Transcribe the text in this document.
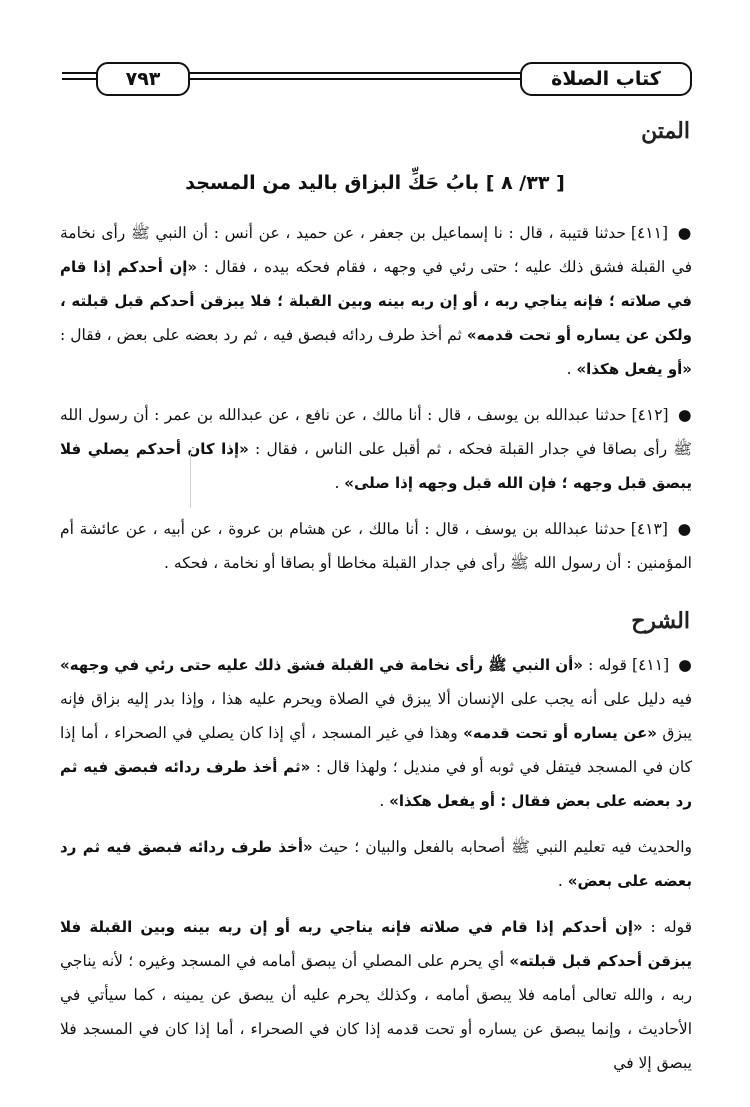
كتاب الصلاة
٧٩٣
المتن
[ ٣٣/ ٨ ] بابُ حَكِّ البزاق باليد من المسجد

● [٤١١] حدثنا قتيبة ، قال : نا إسماعيل بن جعفر ، عن حميد ، عن أنس : أن النبي ﷺ رأى نخامة في القبلة فشق ذلك عليه ؛ حتى رئي في وجهه ، فقام فحكه بيده ، فقال : «إن أحدكم إذا قام في صلاته ؛ فإنه يناجي ربه ، أو إن ربه بينه وبين القبلة ؛ فلا يبزقن أحدكم قبل قبلته ، ولكن عن يساره أو تحت قدمه» ثم أخذ طرف ردائه فبصق فيه ، ثم رد بعضه على بعض ، فقال : «أو يفعل هكذا» .

● [٤١٢] حدثنا عبدالله بن يوسف ، قال : أنا مالك ، عن نافع ، عن عبدالله بن عمر : أن رسول الله ﷺ رأى بصاقا في جدار القبلة فحكه ، ثم أقبل على الناس ، فقال : «إذا كان أحدكم يصلي فلا يبصق قبل وجهه ؛ فإن الله قبل وجهه إذا صلى» .

● [٤١٣] حدثنا عبدالله بن يوسف ، قال : أنا مالك ، عن هشام بن عروة ، عن أبيه ، عن عائشة أم المؤمنين : أن رسول الله ﷺ رأى في جدار القبلة مخاطا أو بصاقا أو نخامة ، فحكه .

الشرح

● [٤١١] قوله : «أن النبي ﷺ رأى نخامة في القبلة فشق ذلك عليه حتى رئي في وجهه» فيه دليل على أنه يجب على الإنسان ألا يبزق في الصلاة ويحرم عليه هذا ، وإذا بدر إليه بزاق فإنه يبزق «عن يساره أو تحت قدمه» وهذا في غير المسجد ، أي إذا كان يصلي في الصحراء ، أما إذا كان في المسجد فيتفل في ثوبه أو في منديل ؛ ولهذا قال : «ثم أخذ طرف ردائه فبصق فيه ثم رد بعضه على بعض فقال : أو يفعل هكذا» .

والحديث فيه تعليم النبي ﷺ أصحابه بالفعل والبيان ؛ حيث «أخذ طرف ردائه فبصق فيه ثم رد بعضه على بعض» .

قوله : «إن أحدكم إذا قام في صلاته فإنه يناجي ربه أو إن ربه بينه وبين القبلة فلا يبزقن أحدكم قبل قبلته» أي يحرم على المصلي أن يبصق أمامه في المسجد وغيره ؛ لأنه يناجي ربه ، والله تعالى أمامه فلا يبصق أمامه ، وكذلك يحرم عليه أن يبصق عن يمينه ، كما سيأتي في الأحاديث ، وإنما يبصق عن يساره أو تحت قدمه إذا كان في الصحراء ، أما إذا كان في المسجد فلا يبصق إلا في
